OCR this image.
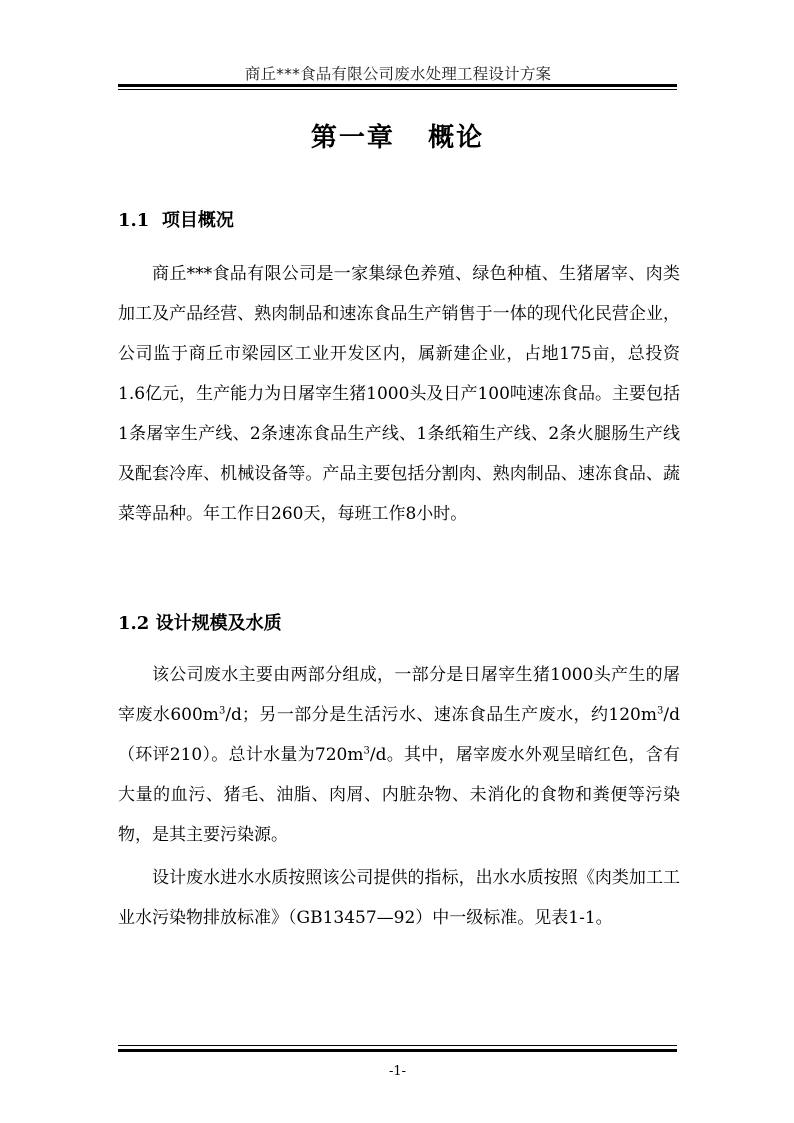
商丘***食品有限公司废水处理工程设计方案
第一章   概论
1.1  项目概况

商丘***食品有限公司是一家集绿色养殖、绿色种植、生猪屠宰、肉类加工及产品经营、熟肉制品和速冻食品生产销售于一体的现代化民营企业，公司监于商丘市梁园区工业开发区内，属新建企业，占地175亩，总投资1.6亿元，生产能力为日屠宰生猪1000头及日产100吨速冻食品。主要包括1条屠宰生产线、2条速冻食品生产线、1条纸箱生产线、2条火腿肠生产线及配套冷库、机械设备等。产品主要包括分割肉、熟肉制品、速冻食品、蔬菜等品种。年工作日260天，每班工作8小时。

1.2 设计规模及水质

该公司废水主要由两部分组成，一部分是日屠宰生猪1000头产生的屠宰废水$600m^3/d$；另一部分是生活污水、速冻食品生产废水，约$120m^3/d$（环评210）。总计水量为$720m^3/d$。其中，屠宰废水外观呈暗红色，含有大量的血污、猪毛、油脂、肉屑、内脏杂物、未消化的食物和粪便等污染物，是其主要污染源。

设计废水进水水质按照该公司提供的指标，出水水质按照《肉类加工工业水污染物排放标准》（GB13457—92）中一级标准。见表1-1。

-1-
